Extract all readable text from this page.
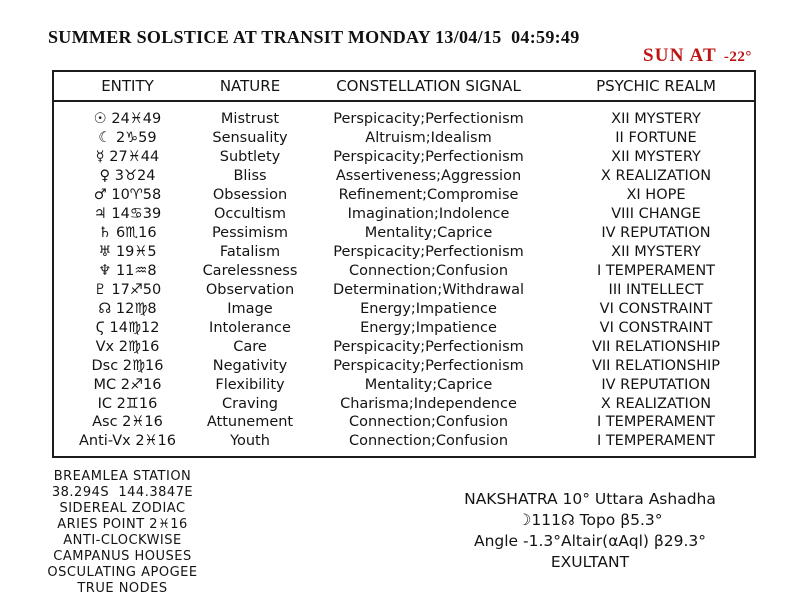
SUMMER SOLSTICE AT TRANSIT MONDAY 13/04/15  04:59:49

SUN AT -22°

ENTITY	NATURE	CONSTELLATION SIGNAL	PSYCHIC REALM
☉ 24♓49	Mistrust	Perspicacity;Perfectionism	XII MYSTERY
☾ 2♑59	Sensuality	Altruism;Idealism	II FORTUNE
☿ 27♓44	Subtlety	Perspicacity;Perfectionism	XII MYSTERY
♀ 3♉24	Bliss	Assertiveness;Aggression	X REALIZATION
♂ 10♈58	Obsession	Refinement;Compromise	XI HOPE
♃ 14♋39	Occultism	Imagination;Indolence	VIII CHANGE
♄ 6♏16	Pessimism	Mentality;Caprice	IV REPUTATION
♅ 19♓5	Fatalism	Perspicacity;Perfectionism	XII MYSTERY
♆ 11♒8	Carelessness	Connection;Confusion	I TEMPERAMENT
♇ 17♐50	Observation	Determination;Withdrawal	III INTELLECT
☊ 12♍8	Image	Energy;Impatience	VI CONSTRAINT
Ϛ 14♍12	Intolerance	Energy;Impatience	VI CONSTRAINT
Vx 2♍16	Care	Perspicacity;Perfectionism	VII RELATIONSHIP
Dsc 2♍16	Negativity	Perspicacity;Perfectionism	VII RELATIONSHIP
MC 2♐16	Flexibility	Mentality;Caprice	IV REPUTATION
IC 2♊16	Craving	Charisma;Independence	X REALIZATION
Asc 2♓16	Attunement	Connection;Confusion	I TEMPERAMENT
Anti-Vx 2♓16	Youth	Connection;Confusion	I TEMPERAMENT
BREAMLEA STATION
38.294S  144.3847E
SIDEREAL ZODIAC
ARIES POINT 2♓16
ANTI-CLOCKWISE
CAMPANUS HOUSES
OSCULATING APOGEE
TRUE NODES
NAKSHATRA 10° Uttara Ashadha
☽111☊ Topo β5.3°
Angle -1.3°Altair(αAql) β29.3°
EXULTANT
